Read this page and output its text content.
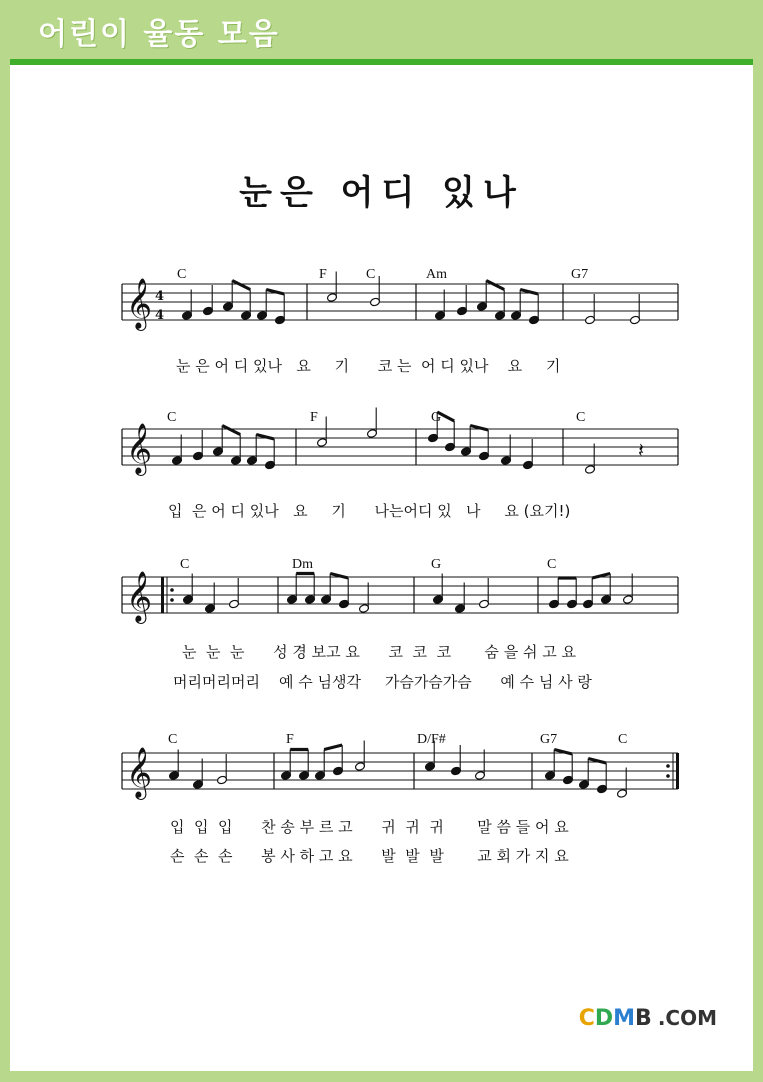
어린이 율동 모음
눈은 어디 있나
𝄞 4
4
𝄞
𝄞
𝄞
𝄽
C	F	C	Am	G7
눈 은 어 디 있나   요     기      코 는  어 디 있나    요     기
C	F	G	C
입  은 어 디 있나   요     기      나는어디 있   나     요 (요기!)
C	Dm	G	C
눈  눈  눈      성 경 보고 요      코  코  코       숨 을 쉬 고 요
머리머리머리    예 수 님생각     가슴가슴가슴      예 수 님 사 랑
C	F	D/F#	G7	C
입  입  입      찬 송 부 르 고      귀  귀  귀       말 씀 들 어 요
손  손  손      봉 사 하 고 요      발  발  발       교 회 가 지 요
CDMB .COM
